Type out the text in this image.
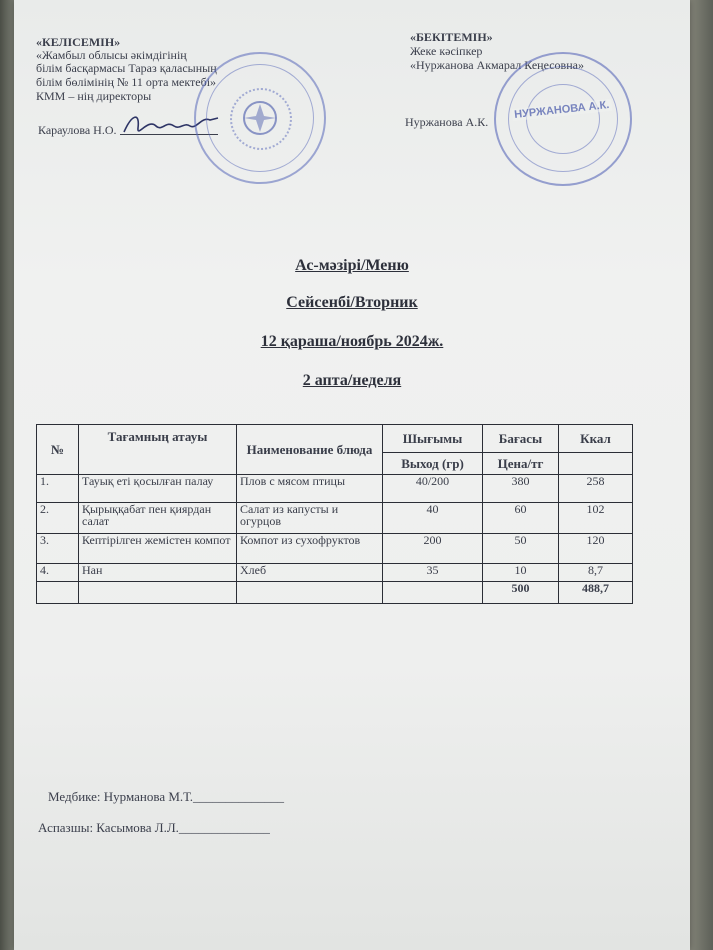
«КЕЛІСЕМІН»
«Жамбыл облысы әкімдігінің
білім басқармасы Тараз қаласының
білім бөлімінің № 11 орта мектебі»
КММ – нің директоры
Караулова Н.О.
«БЕКІТЕМІН»
Жеке кәсіпкер
«Нуржанова Акмарал Кеңесовна»
Нуржанова А.К.
НУРЖАНОВА А.К.
Ас-мәзірі/Меню
Сейсенбі/Вторник
12 қараша/ноябрь 2024ж.
2 апта/неделя
№	Тағамның атауы	Наименование блюда	Шығымы	Бағасы	Ккал
			Выход (гр)	Цена/тг	
1.	Тауық еті қосылған палау	Плов с мясом птицы	40/200	380	258
2.	Қырыққабат пен қиярдан салат	Салат из капусты и огурцов	40	60	102
3.	Кептірілген жемістен компот	Компот из сухофруктов	200	50	120
4.	Нан	Хлеб	35	10	8,7
				500	488,7
Медбике: Нурманова М.Т.______________
Аспазшы: Касымова Л.Л.______________
